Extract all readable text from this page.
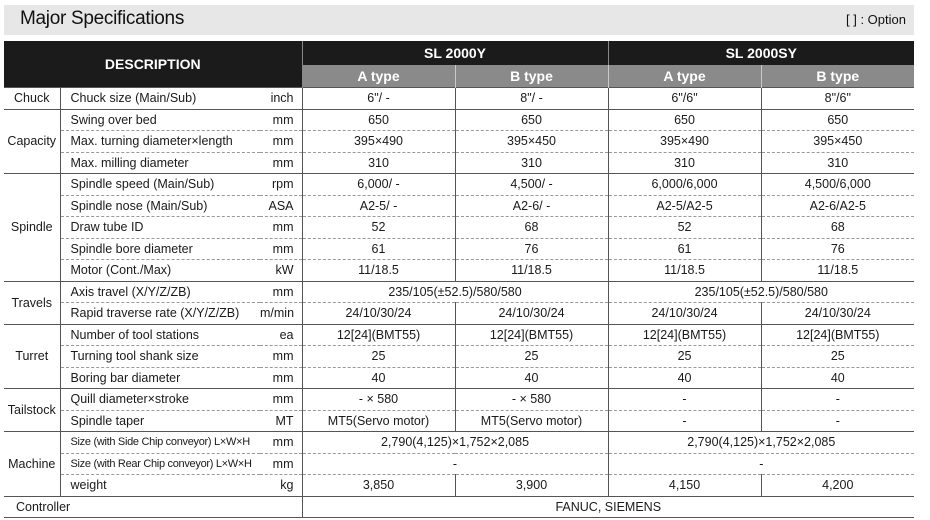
Major Specifications	[ ] : Option
DESCRIPTION			SL 2000Y		SL 2000SY	
			A type	B type	A type	B type
Chuck	Chuck size (Main/Sub)	inch	6"/ -	8"/ -	6"/6"	8"/6"
Capacity	Swing over bed	mm	650	650	650	650
	Max. turning diameter×length	mm	395×490	395×450	395×490	395×450
	Max. milling diameter	mm	310	310	310	310
Spindle	Spindle speed (Main/Sub)	rpm	6,000/ -	4,500/ -	6,000/6,000	4,500/6,000
	Spindle nose (Main/Sub)	ASA	A2-5/ -	A2-6/ -	A2-5/A2-5	A2-6/A2-5
	Draw tube ID	mm	52	68	52	68
	Spindle bore diameter	mm	61	76	61	76
	Motor (Cont./Max)	kW	11/18.5	11/18.5	11/18.5	11/18.5
Travels	Axis travel (X/Y/Z/ZB)	mm	235/105(±52.5)/580/580		235/105(±52.5)/580/580	
	Rapid traverse rate (X/Y/Z/ZB)	m/min	24/10/30/24	24/10/30/24	24/10/30/24	24/10/30/24
Turret	Number of tool stations	ea	12[24](BMT55)	12[24](BMT55)	12[24](BMT55)	12[24](BMT55)
	Turning tool shank size	mm	25	25	25	25
	Boring bar diameter	mm	40	40	40	40
Tailstock	Quill diameter×stroke	mm	- × 580	- × 580	-	-
	Spindle taper	MT	MT5(Servo motor)	MT5(Servo motor)	-	-
Machine	Size (with Side Chip conveyor) L×W×H	mm	2,790(4,125)×1,752×2,085		2,790(4,125)×1,752×2,085	
	Size (with Rear Chip conveyor) L×W×H	mm	-		-	
	weight	kg	3,850	3,900	4,150	4,200
Controller			FANUC, SIEMENS			
